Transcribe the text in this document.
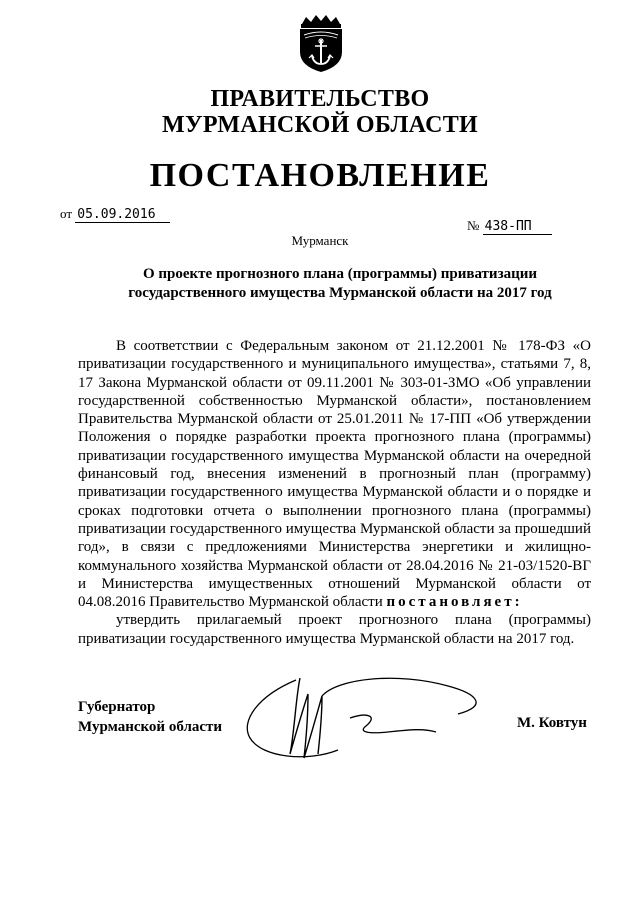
ПРАВИТЕЛЬСТВО
МУРМАНСКОЙ ОБЛАСТИ
ПОСТАНОВЛЕНИЕ
от 05.09.2016
№ 438-ПП
Мурманск
О проекте прогнозного плана (программы) приватизации
государственного имущества Мурманской области на 2017 год

В соответствии с Федеральным законом от 21.12.2001 № 178-ФЗ «О приватизации государственного и муниципального имущества», статьями 7, 8, 17 Закона Мурманской области от 09.11.2001 № 303-01-ЗМО «Об управлении государственной собственностью Мурманской области», постановлением Правительства Мурманской области от 25.01.2011 № 17-ПП «Об утверждении Положения о порядке разработки проекта прогнозного плана (программы) приватизации государственного имущества Мурманской области на очередной финансовый год, внесения изменений в прогнозный план (программу) приватизации государственного имущества Мурманской области и о порядке и сроках подготовки отчета о выполнении прогнозного плана (программы) приватизации государственного имущества Мурманской области за прошедший год», в связи с предложениями Министерства энергетики и жилищно-коммунального хозяйства Мурманской области от 28.04.2016 № 21-03/1520-ВГ и Министерства имущественных отношений Мурманской области от 04.08.2016 Правительство Мурманской области постановляет:

утвердить прилагаемый проект прогнозного плана (программы) приватизации государственного имущества Мурманской области на 2017 год.

Губернатор
Мурманской области	М. Ковтун
